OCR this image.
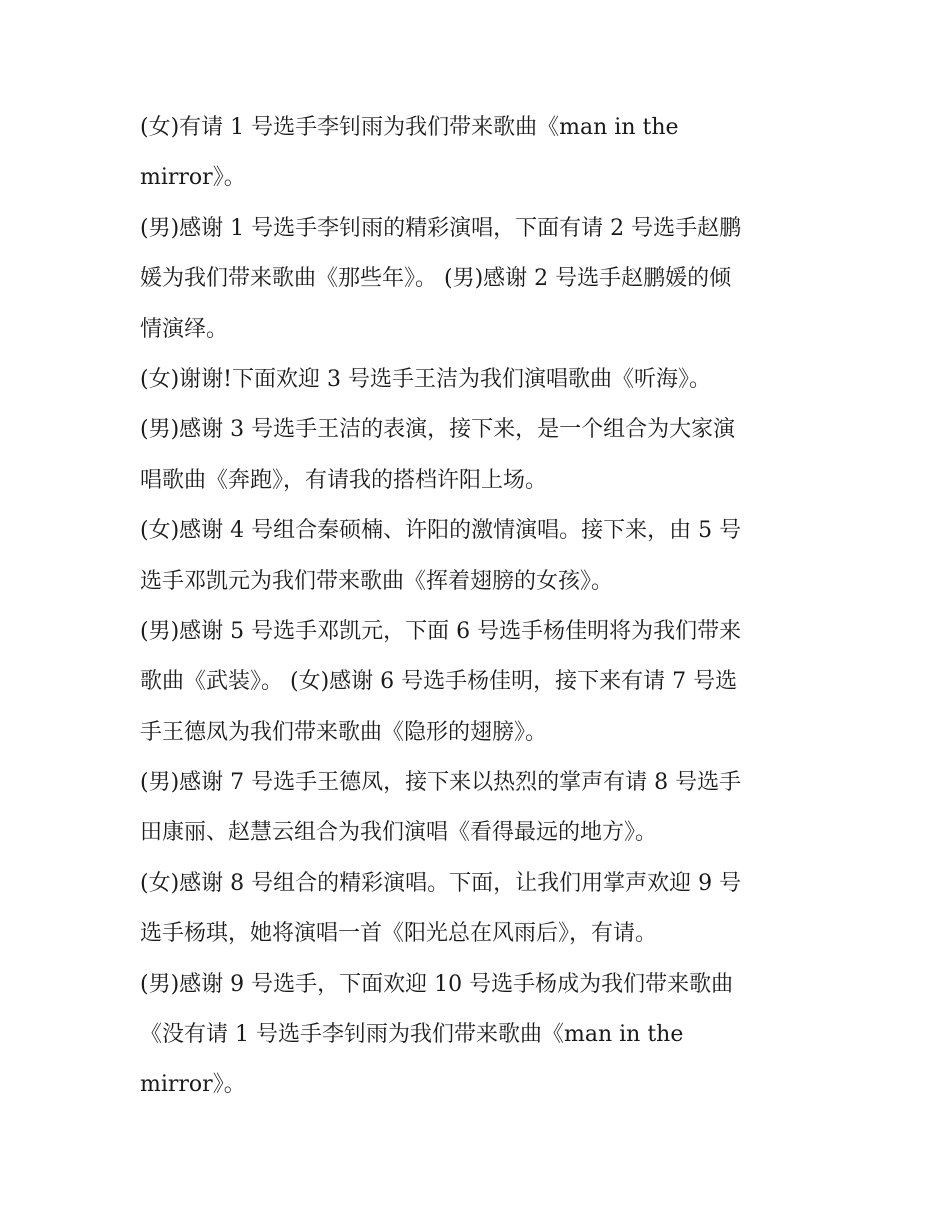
(女)有请 1 号选手李钊雨为我们带来歌曲《man in the
mirror》。

(男)感谢 1 号选手李钊雨的精彩演唱，下面有请 2 号选手赵鹏
媛为我们带来歌曲《那些年》。 (男)感谢 2 号选手赵鹏媛的倾
情演绎。

(女)谢谢!下面欢迎 3 号选手王洁为我们演唱歌曲《听海》。

(男)感谢 3 号选手王洁的表演，接下来，是一个组合为大家演
唱歌曲《奔跑》，有请我的搭档许阳上场。

(女)感谢 4 号组合秦硕楠、许阳的激情演唱。接下来，由 5 号
选手邓凯元为我们带来歌曲《挥着翅膀的女孩》。

(男)感谢 5 号选手邓凯元，下面 6 号选手杨佳明将为我们带来
歌曲《武装》。 (女)感谢 6 号选手杨佳明，接下来有请 7 号选
手王德凤为我们带来歌曲《隐形的翅膀》。

(男)感谢 7 号选手王德凤，接下来以热烈的掌声有请 8 号选手
田康丽、赵慧云组合为我们演唱《看得最远的地方》。

(女)感谢 8 号组合的精彩演唱。下面，让我们用掌声欢迎 9 号
选手杨琪，她将演唱一首《阳光总在风雨后》，有请。

(男)感谢 9 号选手，下面欢迎 10 号选手杨成为我们带来歌曲
《没有请 1 号选手李钊雨为我们带来歌曲《man in the
mirror》。
